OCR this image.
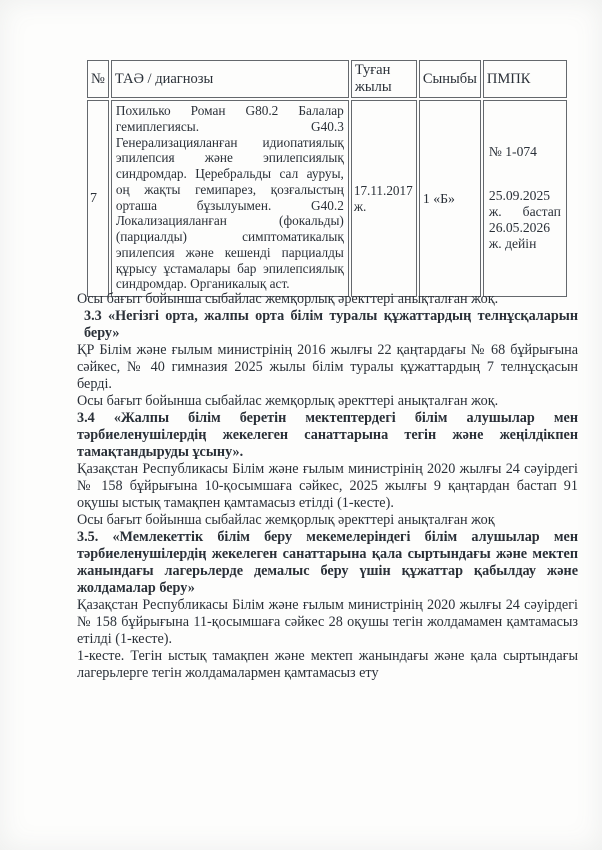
№	ТАӘ / диагнозы	Туған жылы	Сыныбы	ПМПК
7	Похилько Роман G80.2 Балалар гемиплегиясы. G40.3 Генерализацияланған идиопатиялық эпилепсия және эпилепсиялық синдромдар. Церебральды сал ауруы, оң жақты гемипарез, қозғалыстың орташа бұзылуымен. G40.2 Локализацияланған (фокальды) (парциалды) симптоматикалық эпилепсия және кешенді парциалды құрысу ұстамалары бар эпилепсиялық синдромдар. Органикалық аст.	17.11.2017 ж.	1 «Б»	№ 1-074
25.09.2025 ж. бастап 26.05.2026 ж. дейін

Осы бағыт бойынша сыбайлас жемқорлық әректтері анықталған жоқ.

3.3 «Негізгі орта, жалпы орта білім туралы құжаттардың телнұсқаларын беру»

ҚР Білім және ғылым министрінің 2016 жылғы 22 қаңтардағы № 68 бұйрығына сәйкес, № 40 гимназия 2025 жылы білім туралы құжаттардың 7 телнұсқасын берді.

Осы бағыт бойынша сыбайлас жемқорлық әректтері анықталған жоқ.

3.4 «Жалпы білім беретін мектептердегі білім алушылар мен тәрбиеленушілердің жекелеген санаттарына тегін және жеңілдікпен тамақтандыруды ұсыну».

Қазақстан Республикасы Білім және ғылым министрінің 2020 жылғы 24 сәуірдегі № 158 бұйрығына 10-қосымшаға сәйкес, 2025 жылғы 9 қаңтардан бастап 91 оқушы ыстық тамақпен қамтамасыз етілді (1-кесте).

Осы бағыт бойынша сыбайлас жемқорлық әректтері анықталған жоқ

3.5. «Мемлекеттік білім беру мекемелеріндегі білім алушылар мен тәрбиеленушілердің жекелеген санаттарына қала сыртындағы және мектеп жанындағы лагерьлерде демалыс беру үшін құжаттар қабылдау және жолдамалар беру»

Қазақстан Республикасы Білім және ғылым министрінің 2020 жылғы 24 сәуірдегі № 158 бұйрығына 11-қосымшаға сәйкес 28 оқушы тегін жолдамамен қамтамасыз етілді (1-кесте).

1-кесте. Тегін ыстық тамақпен және мектеп жанындағы және қала сыртындағы лагерьлерге тегін жолдамалармен қамтамасыз ету
